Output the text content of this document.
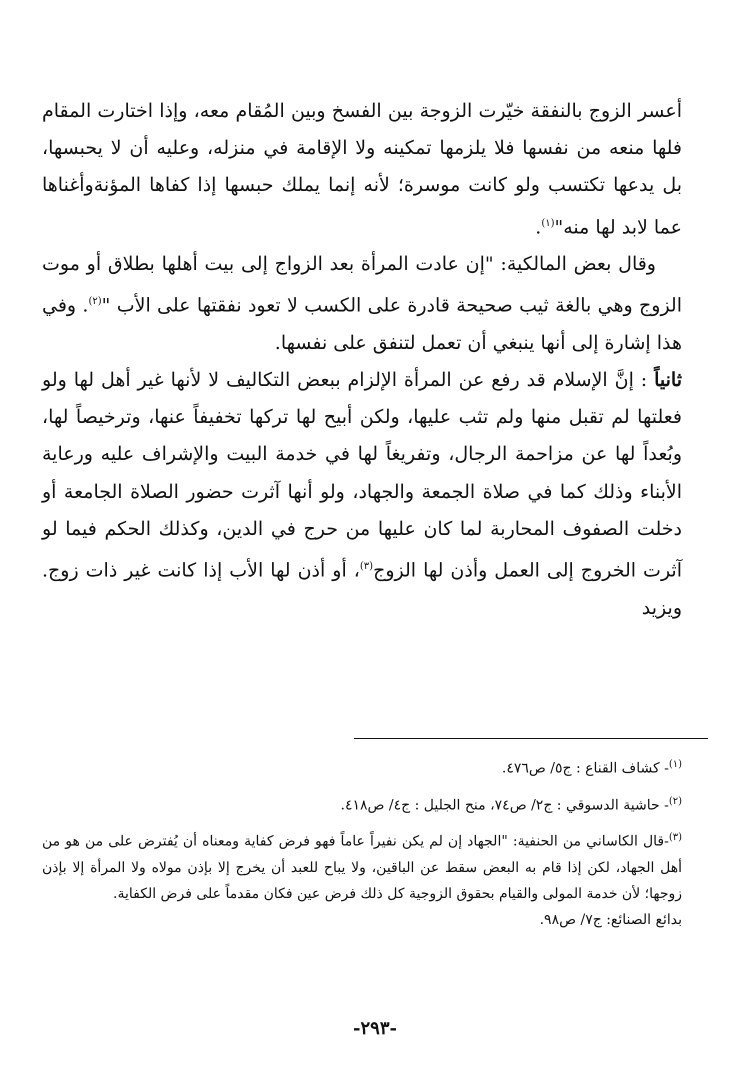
أعسر الزوج بالنفقة خيّرت الزوجة بين الفسخ وبين المُقام معه، وإذا اختارت المقام فلها منعه من نفسها فلا يلزمها تمكينه ولا الإقامة في منزله، وعليه أن لا يحبسها، بل يدعها تكتسب ولو كانت موسرة؛ لأنه إنما يملك حبسها إذا كفاها المؤنةوأغناها عما لابد لها منه"$^{(١)}$.

وقال بعض المالكية: "إن عادت المرأة بعد الزواج إلى بيت أهلها بطلاق أو موت الزوج وهي بالغة ثيب صحيحة قادرة على الكسب لا تعود نفقتها على الأب "$^{(٢)}$. وفي هذا إشارة إلى أنها ينبغي أن تعمل لتنفق على نفسها.

ثانياً : إنَّ الإسلام قد رفع عن المرأة الإلزام ببعض التكاليف لا لأنها غير أهل لها ولو فعلتها لم تقبل منها ولم تثب عليها، ولكن أبيح لها تركها تخفيفاً عنها، وترخيصاً لها، وبُعداً لها عن مزاحمة الرجال، وتفريغاً لها في خدمة البيت والإشراف عليه ورعاية الأبناء وذلك كما في صلاة الجمعة والجهاد، ولو أنها آثرت حضور الصلاة الجامعة أو دخلت الصفوف المحاربة لما كان عليها من حرج في الدين، وكذلك الحكم فيما لو آثرت الخروج إلى العمل وأذن لها الزوج$^{(٣)}$، أو أذن لها الأب إذا كانت غير ذات زوج. ويزيد

$^{(١)}$- كشاف القناع : ج٥/ ص٤٧٦.

$^{(٢)}$- حاشية الدسوقي : ج٢/ ص٧٤، منح الجليل : ج٤/ ص٤١٨.

$^{(٣)}$-قال الكاساني من الحنفية: "الجهاد إن لم يكن نفيراً عاماً فهو فرض كفاية ومعناه أن يُفترض على من هو من أهل الجهاد، لكن إذا قام به البعض سقط عن الباقين، ولا يباح للعبد أن يخرج إلا بإذن مولاه ولا المرأة إلا بإذن زوجها؛ لأن خدمة المولى والقيام بحقوق الزوجية كل ذلك فرض عين فكان مقدماً على فرض الكفاية.

بدائع الصنائع: ج٧/ ص٩٨.

-٢٩٣-
